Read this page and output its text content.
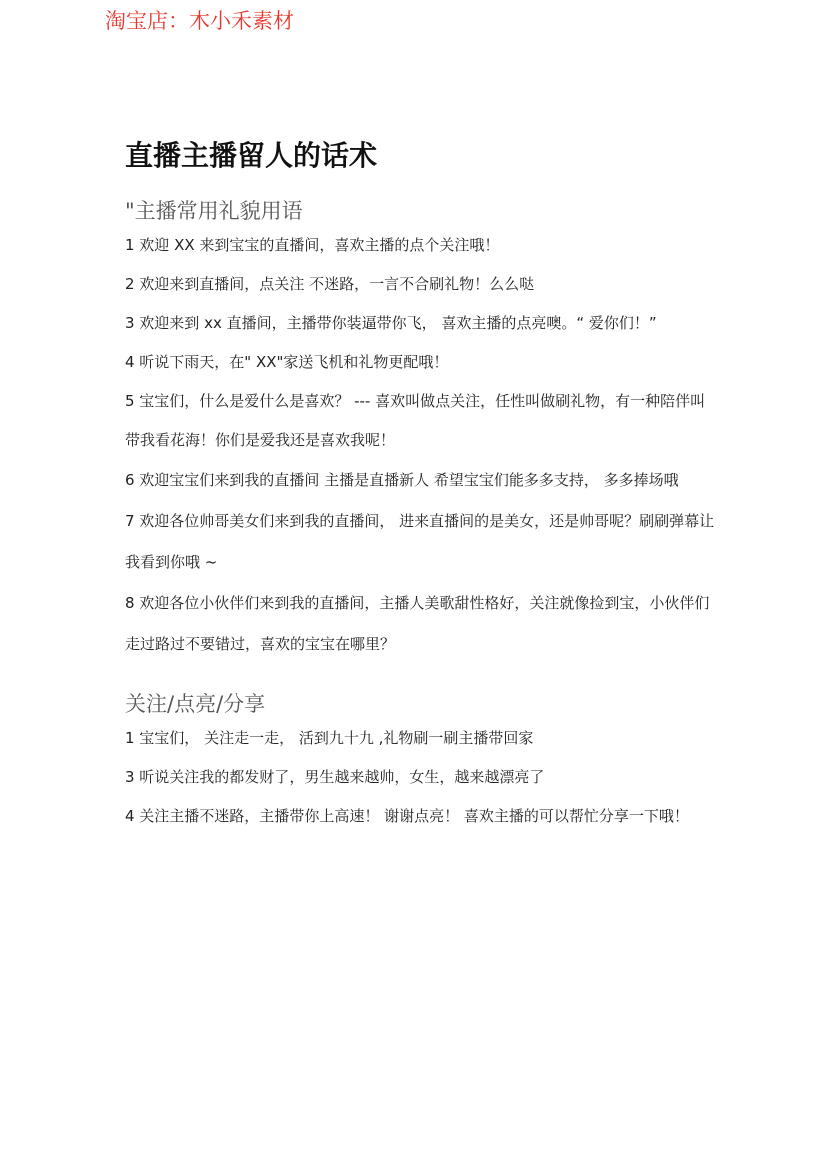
淘宝店：木小禾素材
直播主播留人的话术
"主播常用礼貌用语
1 欢迎 XX 来到宝宝的直播间，喜欢主播的点个关注哦！
2 欢迎来到直播间，点关注 不迷路，一言不合刷礼物！么么哒
3 欢迎来到 xx 直播间，主播带你装逼带你飞， 喜欢主播的点亮噢。“ 爱你们！”
4 听说下雨天，在" XX"家送飞机和礼物更配哦！
5 宝宝们，什么是爱什么是喜欢？ --- 喜欢叫做点关注，任性叫做刷礼物，有一种陪伴叫带我看花海！你们是爱我还是喜欢我呢！
6 欢迎宝宝们来到我的直播间 主播是直播新人 希望宝宝们能多多支持， 多多捧场哦
7 欢迎各位帅哥美女们来到我的直播间， 进来直播间的是美女，还是帅哥呢？刷刷弹幕让我看到你哦 ~
8 欢迎各位小伙伴们来到我的直播间，主播人美歌甜性格好，关注就像捡到宝，小伙伴们走过路过不要错过，喜欢的宝宝在哪里？
关注/点亮/分享
1 宝宝们， 关注走一走， 活到九十九 ,礼物刷一刷主播带回家
3 听说关注我的都发财了，男生越来越帅，女生，越来越漂亮了
4 关注主播不迷路，主播带你上高速！ 谢谢点亮！ 喜欢主播的可以帮忙分享一下哦！
